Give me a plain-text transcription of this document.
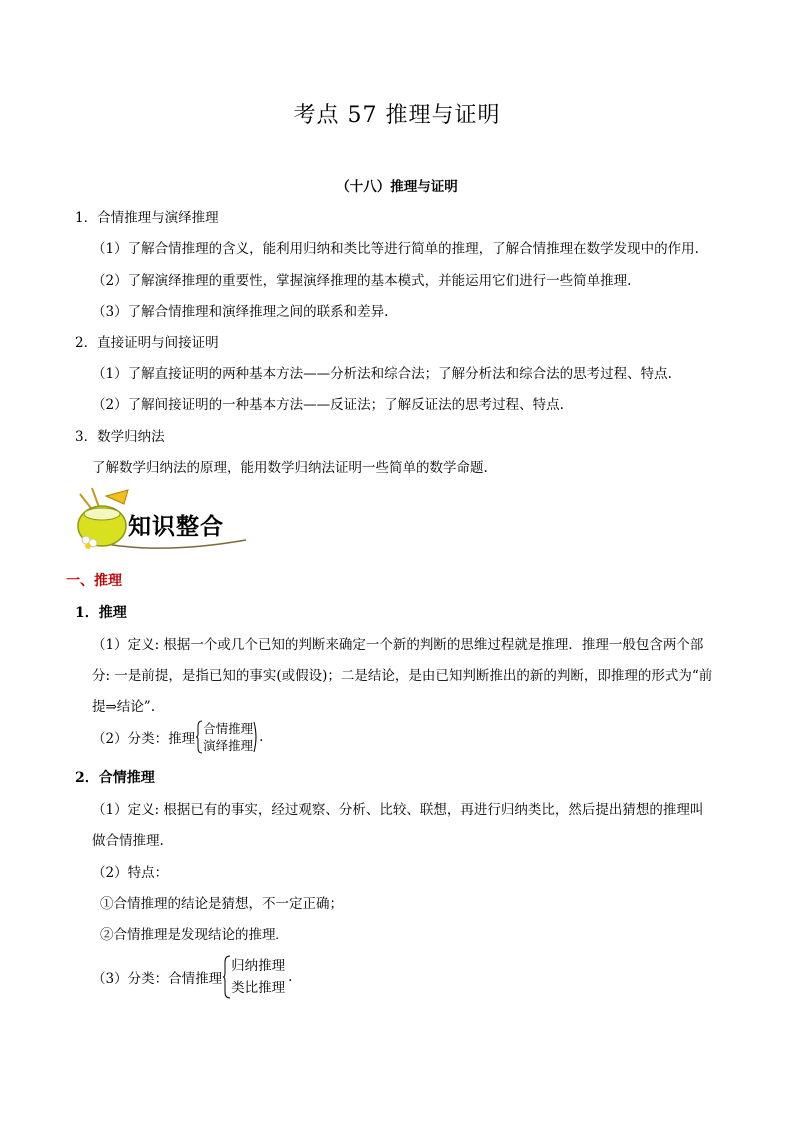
考点 57 推理与证明
（十八）推理与证明
1．合情推理与演绎推理
（1）了解合情推理的含义，能利用归纳和类比等进行简单的推理，了解合情推理在数学发现中的作用.
（2）了解演绎推理的重要性，掌握演绎推理的基本模式，并能运用它们进行一些简单推理.
（3）了解合情推理和演绎推理之间的联系和差异.
2．直接证明与间接证明
（1）了解直接证明的两种基本方法——分析法和综合法；了解分析法和综合法的思考过程、特点.
（2）了解间接证明的一种基本方法——反证法；了解反证法的思考过程、特点.
3．数学归纳法
了解数学归纳法的原理，能用数学归纳法证明一些简单的数学命题.
知识整合
一、推理
1．推理
（1）定义: 根据一个或几个已知的判断来确定一个新的判断的思维过程就是推理．推理一般包含两个部
分: 一是前提，是指已知的事实(或假设)；二是结论，是由已知判断推出的新的判断，即推理的形式为“前
提⇒结论”.
（2）分类：推理
合情推理
演绎推理
.
2．合情推理
（1）定义: 根据已有的事实，经过观察、分析、比较、联想，再进行归纳类比，然后提出猜想的推理叫
做合情推理.
（2）特点：
①合情推理的结论是猜想，不一定正确；
②合情推理是发现结论的推理.
（3）分类：合情推理
归纳推理
类比推理
.
